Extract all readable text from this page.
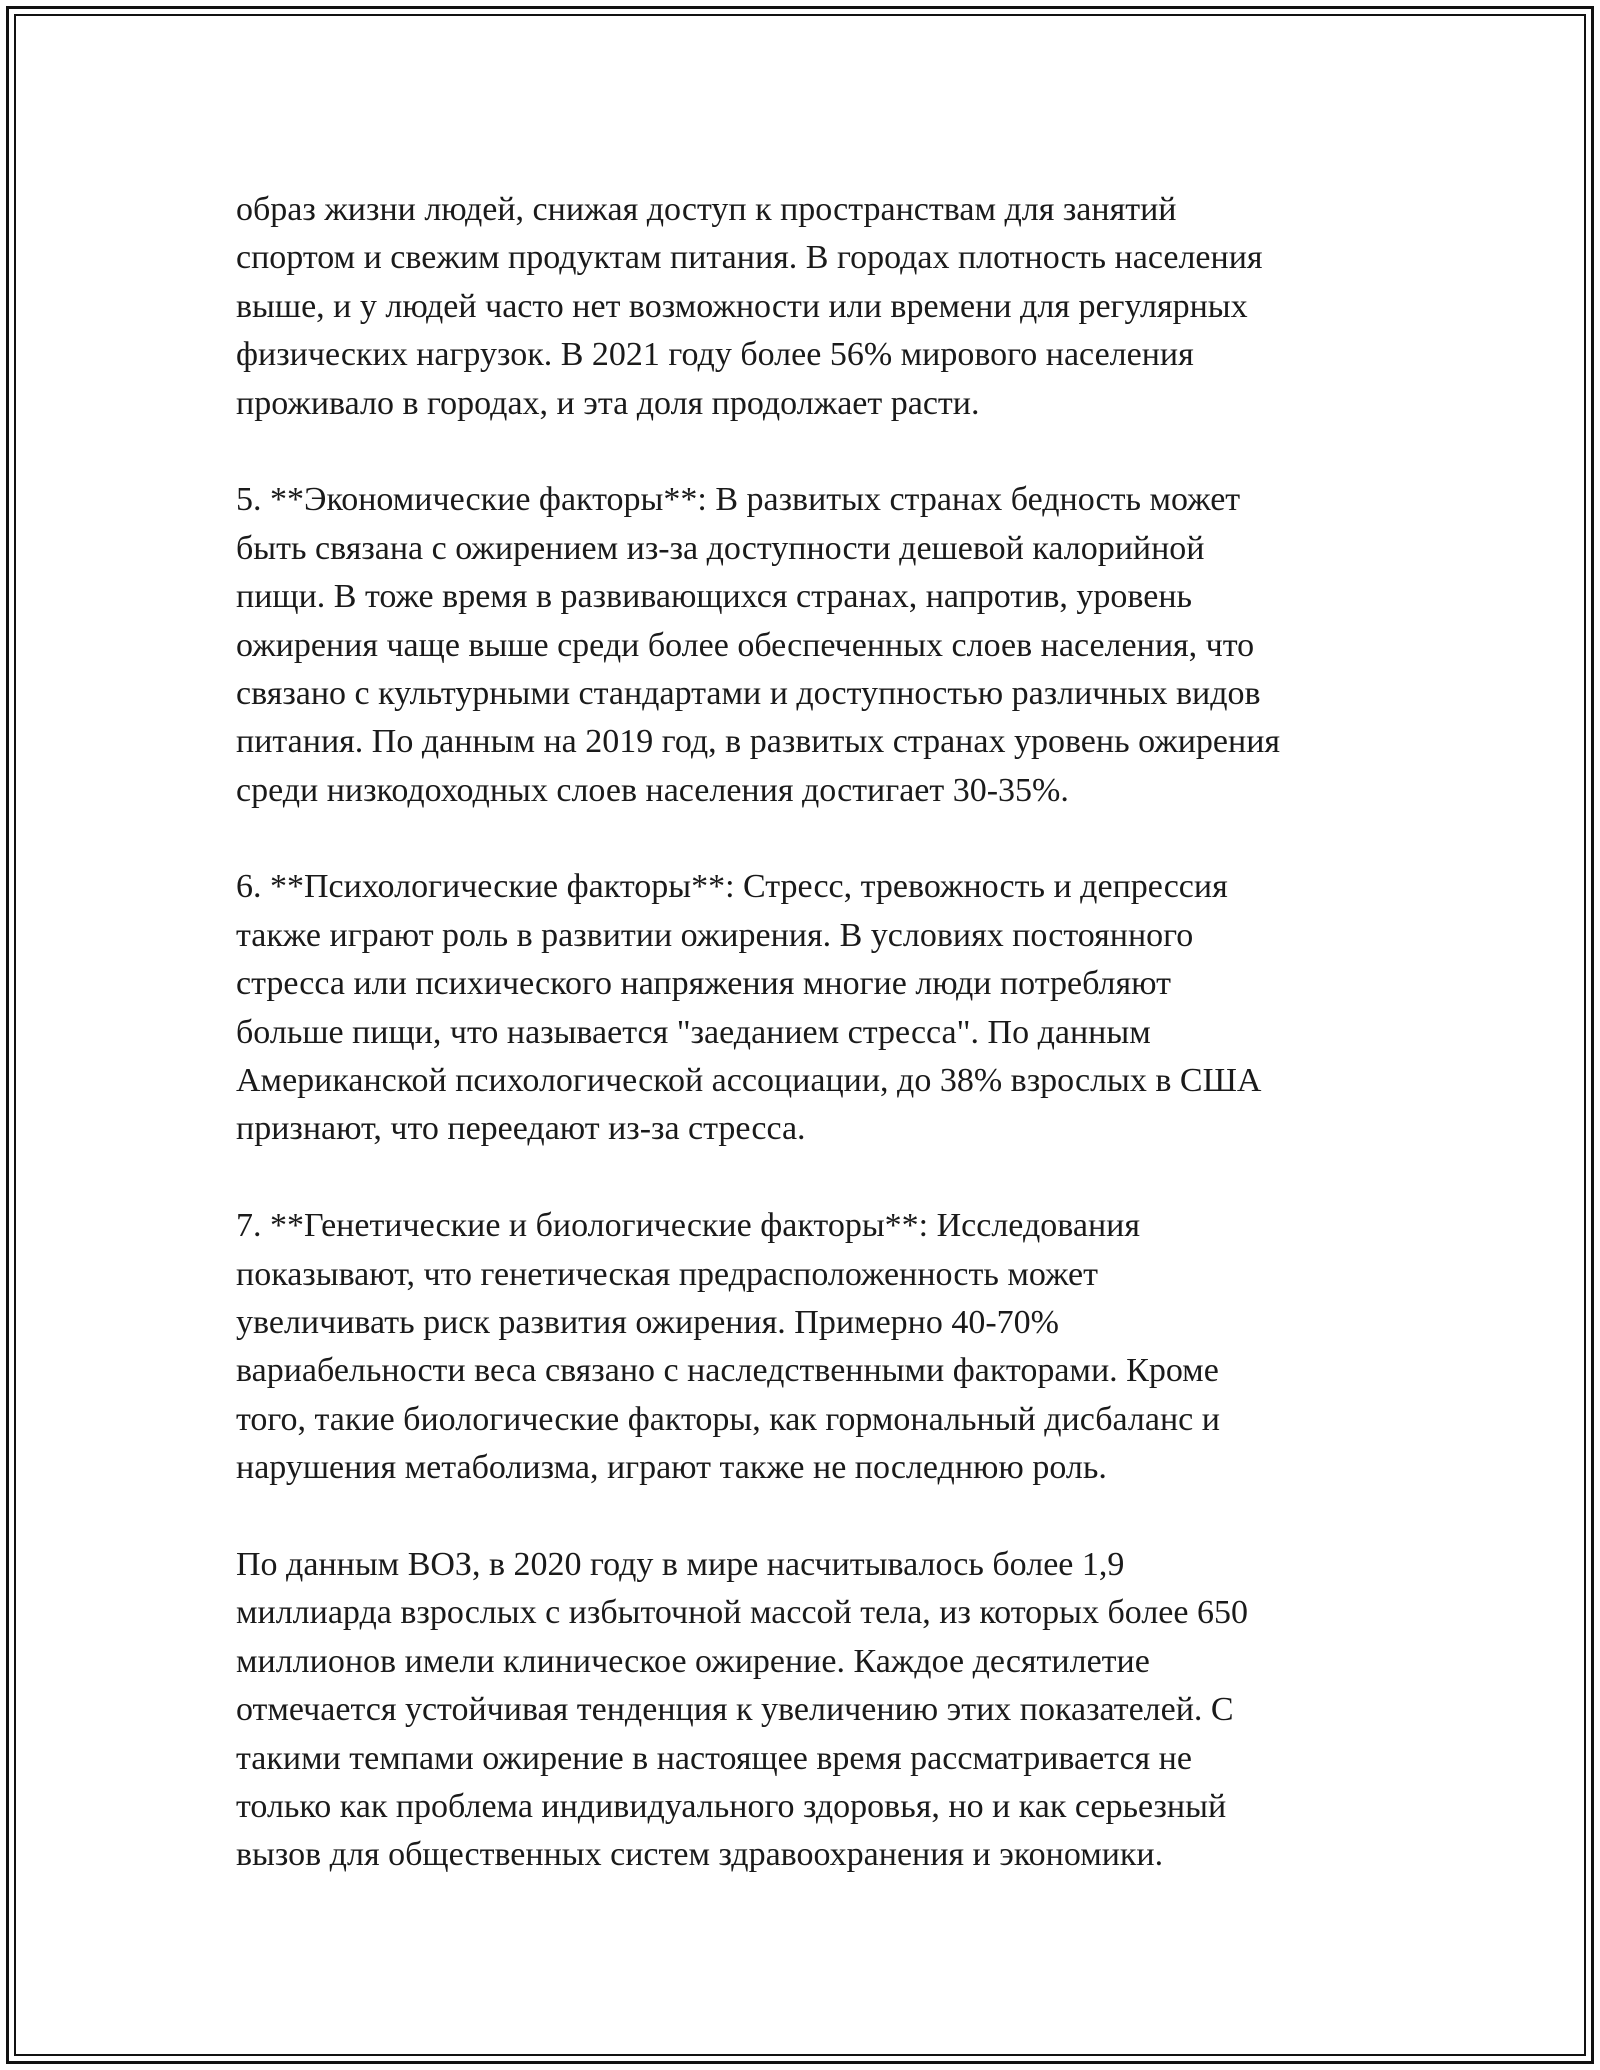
образ жизни людей, снижая доступ к пространствам для занятий
спортом и свежим продуктам питания. В городах плотность населения
выше, и у людей часто нет возможности или времени для регулярных
физических нагрузок. В 2021 году более 56% мирового населения
проживало в городах, и эта доля продолжает расти.
5. **Экономические факторы**: В развитых странах бедность может
быть связана с ожирением из-за доступности дешевой калорийной
пищи. В тоже время в развивающихся странах, напротив, уровень
ожирения чаще выше среди более обеспеченных слоев населения, что
связано с культурными стандартами и доступностью различных видов
питания. По данным на 2019 год, в развитых странах уровень ожирения
среди низкодоходных слоев населения достигает 30-35%.
6. **Психологические факторы**: Стресс, тревожность и депрессия
также играют роль в развитии ожирения. В условиях постоянного
стресса или психического напряжения многие люди потребляют
больше пищи, что называется "заеданием стресса". По данным
Американской психологической ассоциации, до 38% взрослых в США
признают, что переедают из-за стресса.
7. **Генетические и биологические факторы**: Исследования
показывают, что генетическая предрасположенность может
увеличивать риск развития ожирения. Примерно 40-70%
вариабельности веса связано с наследственными факторами. Кроме
того, такие биологические факторы, как гормональный дисбаланс и
нарушения метаболизма, играют также не последнюю роль.
По данным ВОЗ, в 2020 году в мире насчитывалось более 1,9
миллиарда взрослых с избыточной массой тела, из которых более 650
миллионов имели клиническое ожирение. Каждое десятилетие
отмечается устойчивая тенденция к увеличению этих показателей. С
такими темпами ожирение в настоящее время рассматривается не
только как проблема индивидуального здоровья, но и как серьезный
вызов для общественных систем здравоохранения и экономики.
